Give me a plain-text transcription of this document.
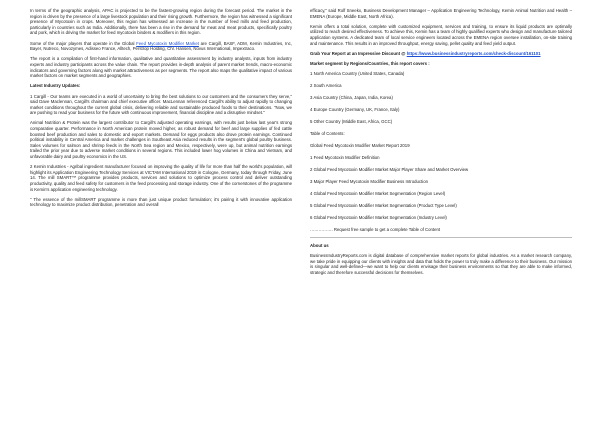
In terms of the geographic analysis, APAC is projected to be the fastest-growing region during the forecast period. The market in the region is driven by the presence of a large livestock population and their rising growth. Furthermore, the region has witnessed a significant presence of Mycotoxin in crops. Moreover, this region has witnessed an increase in the number of feed mills and feed production, particularly in countries such as India. Additionally, there has been a rise in the demand for meat and meat products, specifically poultry and pork, which is driving the market for feed mycotoxin binders & modifiers in this region.

Some of the major players that operate in the Global Feed Mycotoxin Modifier Market are Cargill, BASF, ADM, Kemin Industries, Inc, Bayer, Nutreco, Novozymes, Adisseo France, Alltech, Perstrop Holding, Chr. Hansen, Novus International, Impextraco.

The report is a compilation of first-hand information, qualitative and quantitative assessment by industry analysts, inputs from industry experts and industry participants across the value chain. The report provides in-depth analysis of parent market trends, macro-economic indicators and governing factors along with market attractiveness as per segments. The report also maps the qualitative impact of various market factors on market segments and geographies.

Latest Industry Updates:

1 Cargill - Our teams are executed in a world of uncertainty to bring the best solutions to our customers and the consumers they serve," said Dave Maclennan, Cargill's chairman and chief executive officer. MacLennan referenced Cargill's ability to adjust rapidly to changing market conditions throughout the current global crisis, delivering reliable and sustainable produced foods to their destinations. "Now, we are pushing to read your business for the future with continuous improvement, financial discipline and a disruptive mindset."

Animal Nutrition & Protein was the largest contributor to Cargill's adjusted operating earnings, with results just below last year's strong comparative quarter. Performance in North American protein moved higher, as robust demand for beef and large supplies of fed cattle boosted beef production and sales to domestic and export markets. Demand for eggs products also drove protein earnings. Continued political instability in Central America and market challenges in Southeast Asia reduced results in the segment's global poultry business. Sales volumes for salmon and shrimp feeds in the North Sea region and Mexico, respectively, were up, but animal nutrition earnings trailed the prior year due to adverse market conditions in several regions. This included lower hog volumes in China and Vietnam, and unfavorable dairy and poultry economics in the US.

2 Kemin Industries - Agribal ingredient manufacturer focused on improving the quality of life for more than half the world's population, will highlight its Application Engineering Technology Services at VICTAM International 2019 in Cologne, Germany, today through Friday, June 14. The mill SMART™ programme provides products, services and solutions to optimize process control and deliver outstanding productivity, quality and feed safety for customers in the feed processing and storage industry. One of the cornerstones of the programme is Kemin's application engineering technology.

" The essence of the millSMART programme is more than just unique product formulation; it's pairing it with innovative application technology to maximize product distribution, penetration and overall

efficacy," said Rolf Sneekx, Business Development Manager – Application Engineering Technology, Kemin Animal Nutrition and Health –EMENA (Europe, Middle East, North Africa).

Kemin offers a total solution, complete with customized equipment, services and training, to ensure its liquid products are optimally utilized to reach desired effectiveness. To achieve this, Kemin has a team of highly qualified experts who design and manufacture tailored application systems. A dedicated team of local service engineers located across the EMENA region oversee installation, on-site training and maintenance. This results in an improved throughput, energy saving, pellet quality and feed yield output.

Grab Your Report at an Impressive Discount @ https://www.businessindustryreports.com/check-discount/161101

Market segment by Regions/Countries, this report covers :

1 North America Country (United States, Canada)

2 South America

3 Asia Country (China, Japan, India, Korea)

4 Europe Country (Germany, UK, France, Italy)

5 Other Country (Middle East, Africa, GCC)

Table of Contents:

Global Feed Mycotoxin Modifier Market Report 2019

1 Feed Mycotoxin Modifier Definition

2 Global Feed Mycotoxin Modifier Market Major Player Share and Market Overview

3 Major Player Feed Mycotoxin Modifier Business Introduction

4 Global Feed Mycotoxin Modifier Market Segmentation (Region Level)

5 Global Feed Mycotoxin Modifier Market Segmentation (Product Type Level)

6 Global Feed Mycotoxin Modifier Market Segmentation (Industry Level)

……………. Request free sample to get a complete Table of Content

About us

BusinessIndustryReports.com is digital database of comprehensive market reports for global industries. As a market research company, we take pride in equipping our clients with insights and data that holds the power to truly make a difference to their business. Our mission is singular and well-defined—we want to help our clients envisage their business environments so that they are able to make informed, strategic and therefore successful decisions for themselves.
